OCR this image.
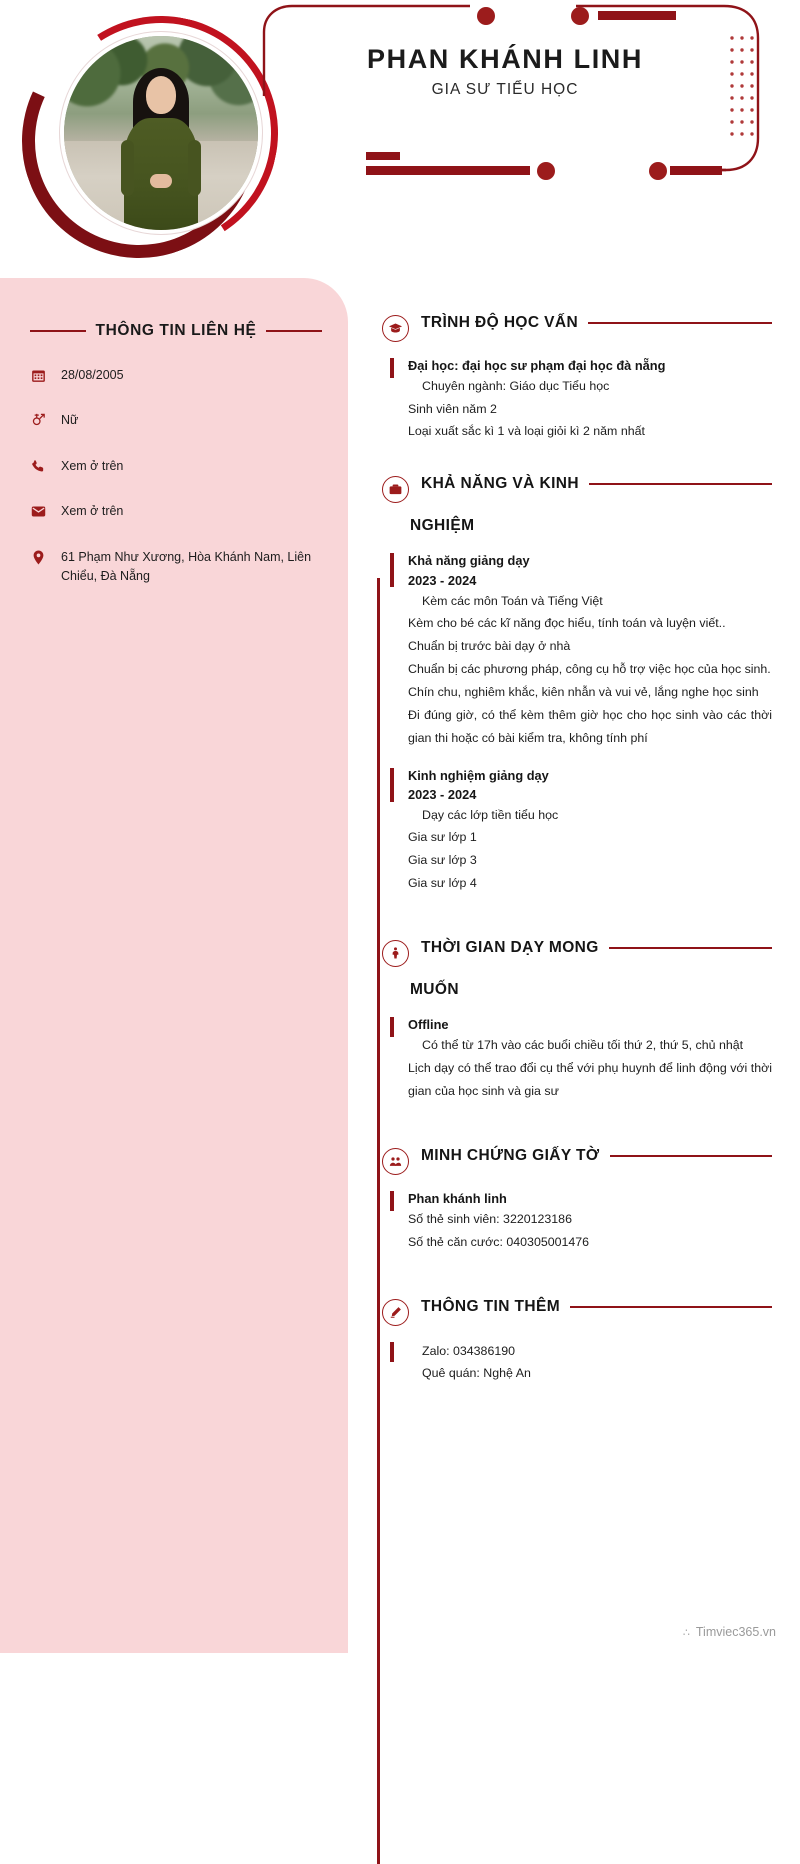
PHAN KHÁNH LINH
GIA SƯ TIỂU HỌC
THÔNG TIN LIÊN HỆ
28/08/2005
Nữ
Xem ở trên
Xem ở trên
61 Phạm Như Xương, Hòa Khánh Nam, Liên Chiểu, Đà Nẵng
TRÌNH ĐỘ HỌC VẤN
Đại học: đại học sư phạm đại học đà nẵng
Chuyên ngành: Giáo dục Tiểu học
Sinh viên năm 2
Loại xuất sắc kì 1 và loại giỏi kì 2 năm nhất
KHẢ NĂNG VÀ KINH
NGHIỆM
Khả năng giảng dạy
2023 - 2024
Kèm các môn Toán và Tiếng Việt
Kèm cho bé các kĩ năng đọc hiểu, tính toán và luyện viết..
Chuẩn bị trước bài dạy ở nhà
Chuẩn bị các phương pháp, công cụ hỗ trợ việc học của học sinh.
Chín chu, nghiêm khắc, kiên nhẫn và vui vẻ, lắng nghe học sinh
Đi đúng giờ, có thể kèm thêm giờ học cho học sinh vào các thời gian thi hoặc có bài kiểm tra, không tính phí
Kinh nghiệm giảng dạy
2023 - 2024
Dạy các lớp tiền tiểu học
Gia sư lớp 1
Gia sư lớp 3
Gia sư lớp 4
THỜI GIAN DẠY MONG
MUỐN
Offline
Có thể từ 17h vào các buổi chiều tối thứ 2, thứ 5, chủ nhật
Lịch dạy có thể trao đổi cụ thể với phụ huynh để linh động với thời gian của học sinh và gia sư
MINH CHỨNG GIẤY TỜ
Phan khánh linh
Số thẻ sinh viên: 3220123186
Số thẻ căn cước: 040305001476
THÔNG TIN THÊM
Zalo: 034386190
Quê quán: Nghệ An
∴ Timviec365.vn
